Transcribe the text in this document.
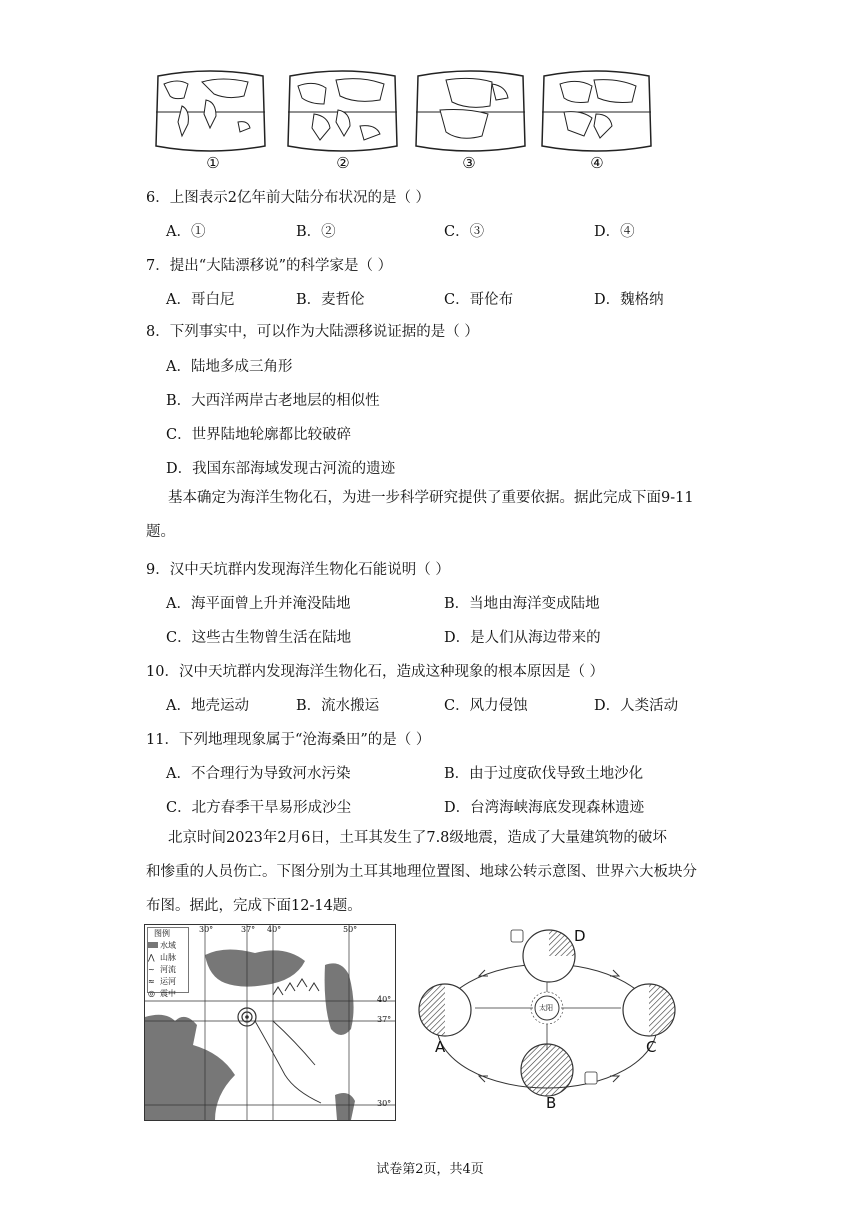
①	②	③	④
6．上图表示2亿年前大陆分布状况的是（ ）
A．①	B．②	C．③	D．④
7．提出“大陆漂移说”的科学家是（ ）
A．哥白尼	B．麦哲伦	C．哥伦布	D．魏格纳
8．下列事实中，可以作为大陆漂移说证据的是（ ）
A．陆地多成三角形
B．大西洋两岸古老地层的相似性
C．世界陆地轮廓都比较破碎
D．我国东部海域发现古河流的遗迹
基本确定为海洋生物化石，为进一步科学研究提供了重要依据。据此完成下面9-11
题。
9．汉中天坑群内发现海洋生物化石能说明（ ）
A．海平面曾上升并淹没陆地	B．当地由海洋变成陆地
C．这些古生物曾生活在陆地	D．是人们从海边带来的
10．汉中天坑群内发现海洋生物化石，造成这种现象的根本原因是（ ）
A．地壳运动	B．流水搬运	C．风力侵蚀	D．人类活动
11．下列地理现象属于“沧海桑田”的是（ ）
A．不合理行为导致河水污染	B．由于过度砍伐导致土地沙化
C．北方春季干旱易形成沙尘	D．台湾海峡海底发现森林遗迹
北京时间2023年2月6日，土耳其发生了7.8级地震，造成了大量建筑物的破坏
和惨重的人员伤亡。下图分别为土耳其地理位置图、地球公转示意图、世界六大板块分
布图。据此，完成下面12-14题。
图例
水域
⋀ 山脉
~ 河流
≈ 运河
◎ 震中
30°	37° 40°	50°
40°
37°
30°
D
A	C
B
太阳
试卷第2页，共4页
